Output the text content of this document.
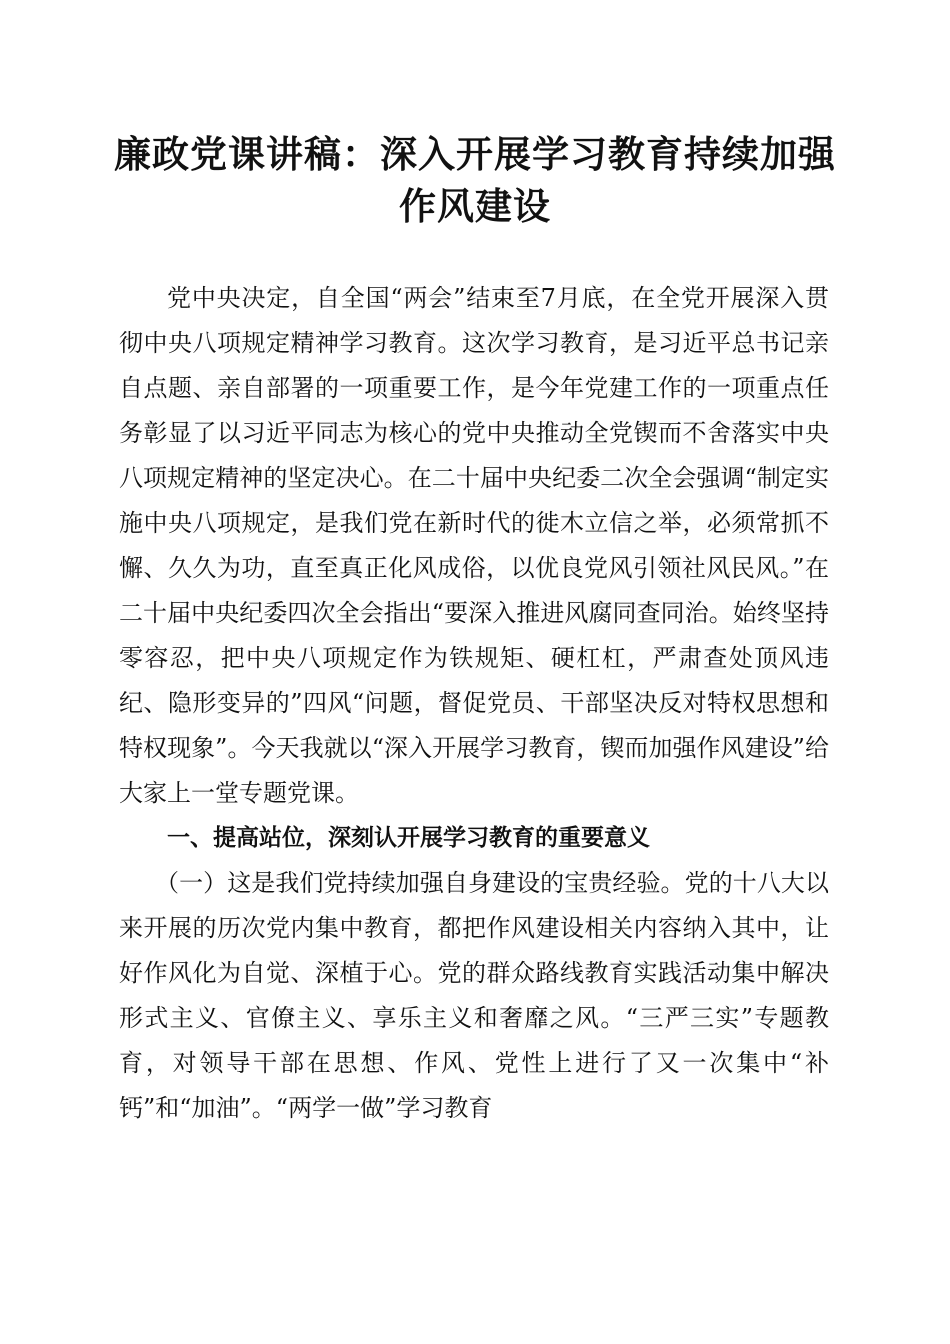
廉政党课讲稿：深入开展学习教育持续加强作风建设

党中央决定，自全国“两会”结束至7月底，在全党开展深入贯彻中央八项规定精神学习教育。这次学习教育，是习近平总书记亲自点题、亲自部署的一项重要工作，是今年党建工作的一项重点任务彰显了以习近平同志为核心的党中央推动全党锲而不舍落实中央八项规定精神的坚定决心。在二十届中央纪委二次全会强调“制定实施中央八项规定，是我们党在新时代的徙木立信之举，必须常抓不懈、久久为功，直至真正化风成俗，以优良党风引领社风民风。”在二十届中央纪委四次全会指出“要深入推进风腐同查同治。始终坚持零容忍，把中央八项规定作为铁规矩、硬杠杠，严肃查处顶风违纪、隐形变异的”四风“问题，督促党员、干部坚决反对特权思想和特权现象”。今天我就以“深入开展学习教育，锲而加强作风建设”给大家上一堂专题党课。

一、提高站位，深刻认开展学习教育的重要意义

（一）这是我们党持续加强自身建设的宝贵经验。党的十八大以来开展的历次党内集中教育，都把作风建设相关内容纳入其中，让好作风化为自觉、深植于心。党的群众路线教育实践活动集中解决形式主义、官僚主义、享乐主义和奢靡之风。“三严三实”专题教育，对领导干部在思想、作风、党性上进行了又一次集中“补钙”和“加油”。“两学一做”学习教育
